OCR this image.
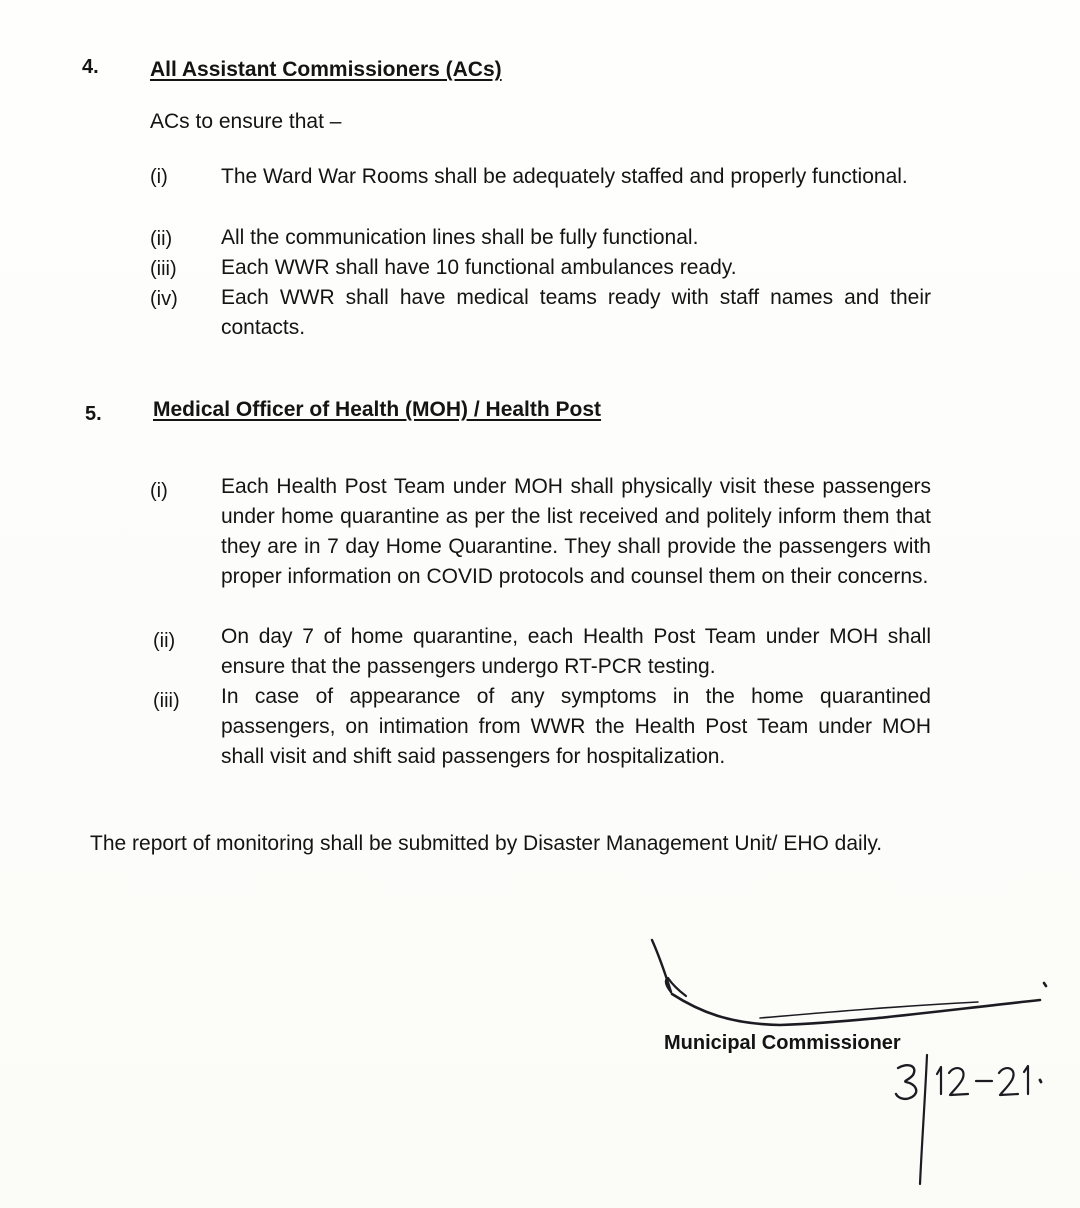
4. All Assistant Commissioners (ACs)
ACs to ensure that –
(i)	The Ward War Rooms shall be adequately staffed and properly functional.
(ii) All the communication lines shall be fully functional.
(iii) Each WWR shall have 10 functional ambulances ready.
(iv) Each WWR shall have medical teams ready with staff names and their contacts.
5. Medical Officer of Health (MOH) / Health Post
(i)	Each Health Post Team under MOH shall physically visit these passengers under home quarantine as per the list received and politely inform them that they are in 7 day Home Quarantine. They shall provide the passengers with proper information on COVID protocols and counsel them on their concerns.
(ii) On day 7 of home quarantine, each Health Post Team under MOH shall ensure that the passengers undergo RT-PCR testing.
(iii) In case of appearance of any symptoms in the home quarantined passengers, on intimation from WWR the Health Post Team under MOH shall visit and shift said passengers for hospitalization.
The report of monitoring shall be submitted by Disaster Management Unit/ EHO daily.
Municipal Commissioner
